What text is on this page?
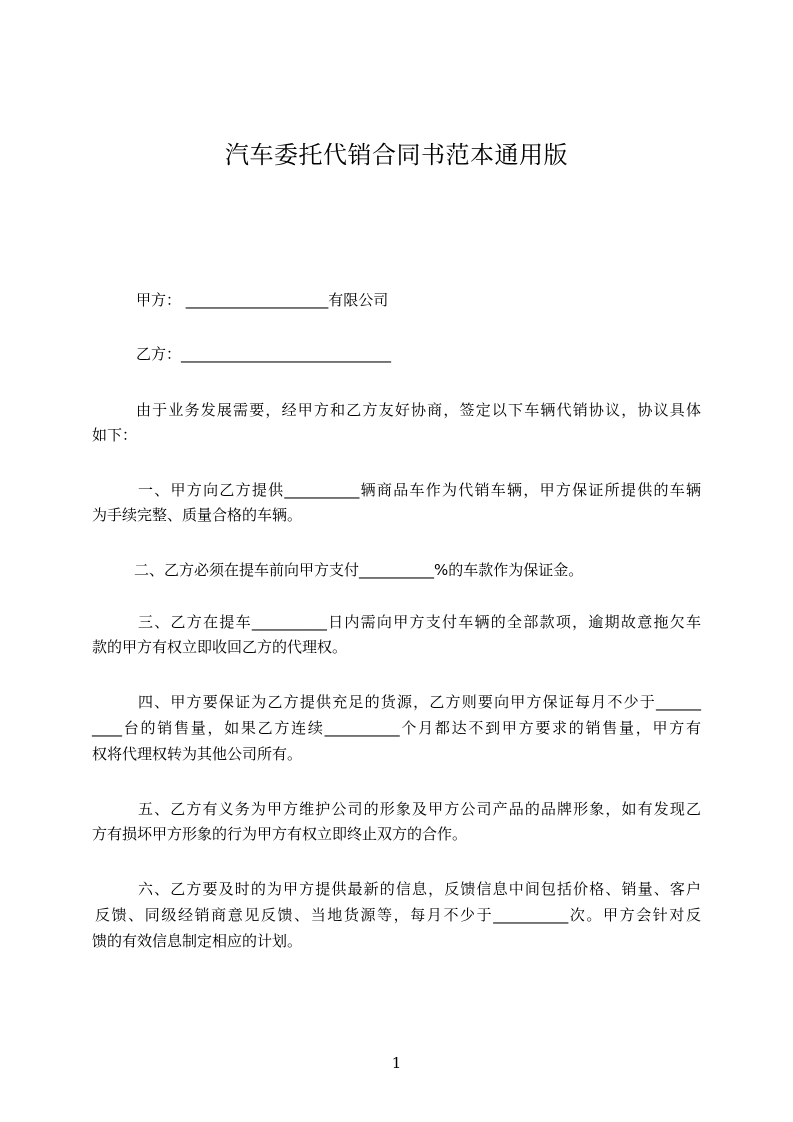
汽车委托代销合同书范本通用版
甲方： ___________________有限公司
乙方：____________________________
由于业务发展需要，经甲方和乙方友好协商，签定以下车辆代销协议，协议具体
如下：
一、甲方向乙方提供__________辆商品车作为代销车辆，甲方保证所提供的车辆
为手续完整、质量合格的车辆。
二、乙方必须在提车前向甲方支付__________%的车款作为保证金。
三、乙方在提车__________日内需向甲方支付车辆的全部款项，逾期故意拖欠车
款的甲方有权立即收回乙方的代理权。
四、甲方要保证为乙方提供充足的货源，乙方则要向甲方保证每月不少于______
____台的销售量，如果乙方连续__________个月都达不到甲方要求的销售量，甲方有
权将代理权转为其他公司所有。
五、乙方有义务为甲方维护公司的形象及甲方公司产品的品牌形象，如有发现乙
方有损坏甲方形象的行为甲方有权立即终止双方的合作。
六、乙方要及时的为甲方提供最新的信息，反馈信息中间包括价格、销量、客户
反馈、同级经销商意见反馈、当地货源等，每月不少于__________次。甲方会针对反
馈的有效信息制定相应的计划。
1
